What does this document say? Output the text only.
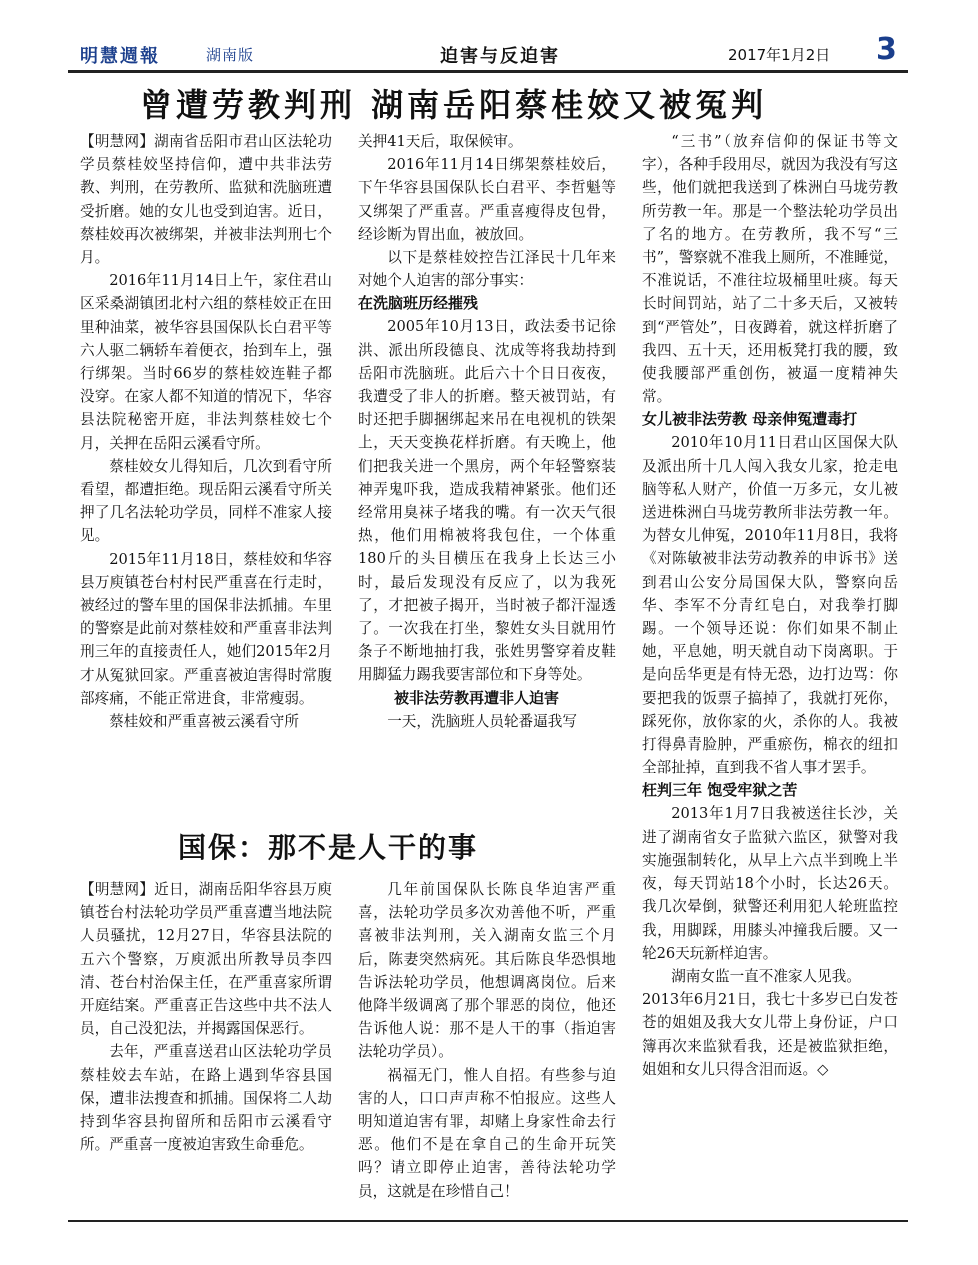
明慧週報	湖南版	迫害与反迫害	2017年1月2日 3
曾遭劳教判刑 湖南岳阳蔡桂姣又被冤判

【明慧网】湖南省岳阳市君山区法轮功学员蔡桂姣坚持信仰，遭中共非法劳教、判刑，在劳教所、监狱和洗脑班遭受折磨。她的女儿也受到迫害。近日，蔡桂姣再次被绑架，并被非法判刑七个月。

2016年11月14日上午，家住君山区采桑湖镇团北村六组的蔡桂姣正在田里种油菜，被华容县国保队长白君平等六人驱二辆轿车着便衣，抬到车上，强行绑架。当时66岁的蔡桂姣连鞋子都没穿。在家人都不知道的情况下，华容县法院秘密开庭，非法判蔡桂姣七个月，关押在岳阳云溪看守所。

蔡桂姣女儿得知后，几次到看守所看望，都遭拒绝。现岳阳云溪看守所关押了几名法轮功学员，同样不准家人接见。

2015年11月18日，蔡桂姣和华容县万庾镇苍台村村民严重喜在行走时，被经过的警车里的国保非法抓捕。车里的警察是此前对蔡桂姣和严重喜非法判刑三年的直接责任人，她们2015年2月才从冤狱回家。严重喜被迫害得时常腹部疼痛，不能正常进食，非常瘦弱。

蔡桂姣和严重喜被云溪看守所

关押41天后，取保候审。

2016年11月14日绑架蔡桂姣后，下午华容县国保队长白君平、李哲魁等又绑架了严重喜。严重喜瘦得皮包骨，经诊断为胃出血，被放回。

以下是蔡桂姣控告江泽民十几年来对她个人迫害的部分事实：

在洗脑班历经摧残

2005年10月13日，政法委书记徐洪、派出所段德良、沈成等将我劫持到岳阳市洗脑班。此后六十个日日夜夜，我遭受了非人的折磨。整天被罚站，有时还把手脚捆绑起来吊在电视机的铁架上，天天变换花样折磨。有天晚上，他们把我关进一个黑房，两个年轻警察装神弄鬼吓我，造成我精神紧张。他们还经常用臭袜子堵我的嘴。有一次天气很热，他们用棉被将我包住，一个体重180斤的头目横压在我身上长达三小时，最后发现没有反应了，以为我死了，才把被子揭开，当时被子都汗湿透了。一次我在打坐，黎姓女头目就用竹条子不断地抽打我，张姓男警穿着皮鞋用脚猛力踢我要害部位和下身等处。

被非法劳教再遭非人迫害

一天，洗脑班人员轮番逼我写

“三书”（放弃信仰的保证书等文字），各种手段用尽，就因为我没有写这些，他们就把我送到了株洲白马垅劳教所劳教一年。那是一个整法轮功学员出了名的地方。在劳教所，我不写“三书”，警察就不准我上厕所，不准睡觉，不准说话，不准往垃圾桶里吐痰。每天长时间罚站，站了二十多天后，又被转到“严管处”，日夜蹲着，就这样折磨了我四、五十天，还用板凳打我的腰，致使我腰部严重创伤，被逼一度精神失常。

女儿被非法劳教 母亲伸冤遭毒打

2010年10月11日君山区国保大队及派出所十几人闯入我女儿家，抢走电脑等私人财产，价值一万多元，女儿被送进株洲白马垅劳教所非法劳教一年。为替女儿伸冤，2010年11月8日，我将《对陈敏被非法劳动教养的申诉书》送到君山公安分局国保大队，警察向岳华、李军不分青红皂白，对我拳打脚踢。一个领导还说：你们如果不制止她，平息她，明天就自动下岗离职。于是向岳华更是有恃无恐，边打边骂：你要把我的饭票子搞掉了，我就打死你，踩死你，放你家的火，杀你的人。我被打得鼻青脸肿，严重瘀伤，棉衣的纽扣全部扯掉，直到我不省人事才罢手。

枉判三年 饱受牢狱之苦

2013年1月7日我被送往长沙，关进了湖南省女子监狱六监区，狱警对我实施强制转化，从早上六点半到晚上半夜，每天罚站18个小时，长达26天。我几次晕倒，狱警还利用犯人轮班监控我，用脚踩，用膝头冲撞我后腰。又一轮26天玩新样迫害。

湖南女监一直不准家人见我。

2013年6月21日，我七十多岁已白发苍苍的姐姐及我大女儿带上身份证，户口簿再次来监狱看我，还是被监狱拒绝，姐姐和女儿只得含泪而返。◇

国保：那不是人干的事

【明慧网】近日，湖南岳阳华容县万庾镇苍台村法轮功学员严重喜遭当地法院人员骚扰，12月27日，华容县法院的五六个警察，万庾派出所教导员李四清、苍台村治保主任，在严重喜家所谓开庭结案。严重喜正告这些中共不法人员，自己没犯法，并揭露国保恶行。

去年，严重喜送君山区法轮功学员蔡桂姣去车站，在路上遇到华容县国保，遭非法搜查和抓捕。国保将二人劫持到华容县拘留所和岳阳市云溪看守所。严重喜一度被迫害致生命垂危。

几年前国保队长陈良华迫害严重喜，法轮功学员多次劝善他不听，严重喜被非法判刑，关入湖南女监三个月后，陈妻突然病死。其后陈良华恐惧地告诉法轮功学员，他想调离岗位。后来他降半级调离了那个罪恶的岗位，他还告诉他人说：那不是人干的事（指迫害法轮功学员）。

祸福无门，惟人自招。有些参与迫害的人，口口声声称不怕报应。这些人明知道迫害有罪，却赌上身家性命去行恶。他们不是在拿自己的生命开玩笑吗？请立即停止迫害，善待法轮功学员，这就是在珍惜自己！
